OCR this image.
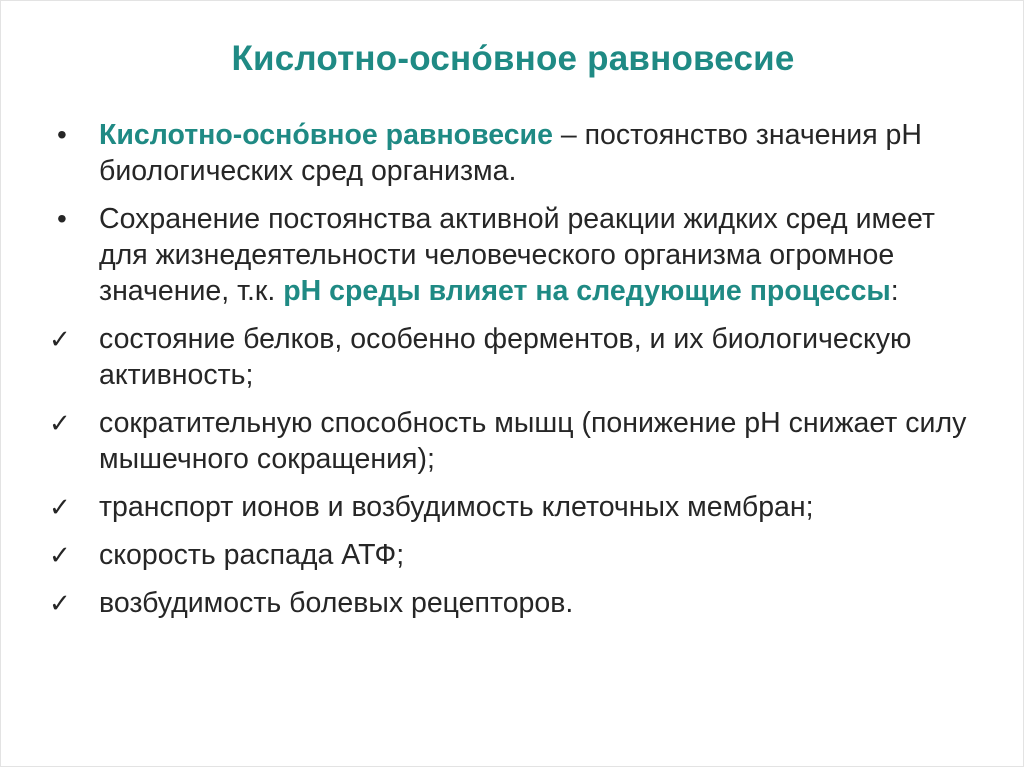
Кислотно-осно́вное равновесие
•	Кислотно-осно́вное равновесие – постоянство значения pH биологических сред организма.
•	Сохранение постоянства активной реакции жидких сред имеет для жизнедеятельности человеческого организма огромное значение, т.к. pH среды влияет на следующие процессы:
✓ состояние белков, особенно ферментов, и их биологическую активность;
✓ сократительную способность мышц (понижение pH снижает силу мышечного сокращения);
✓ транспорт ионов и возбудимость клеточных мембран;
✓ скорость распада АТФ;
✓ возбудимость болевых рецепторов.
